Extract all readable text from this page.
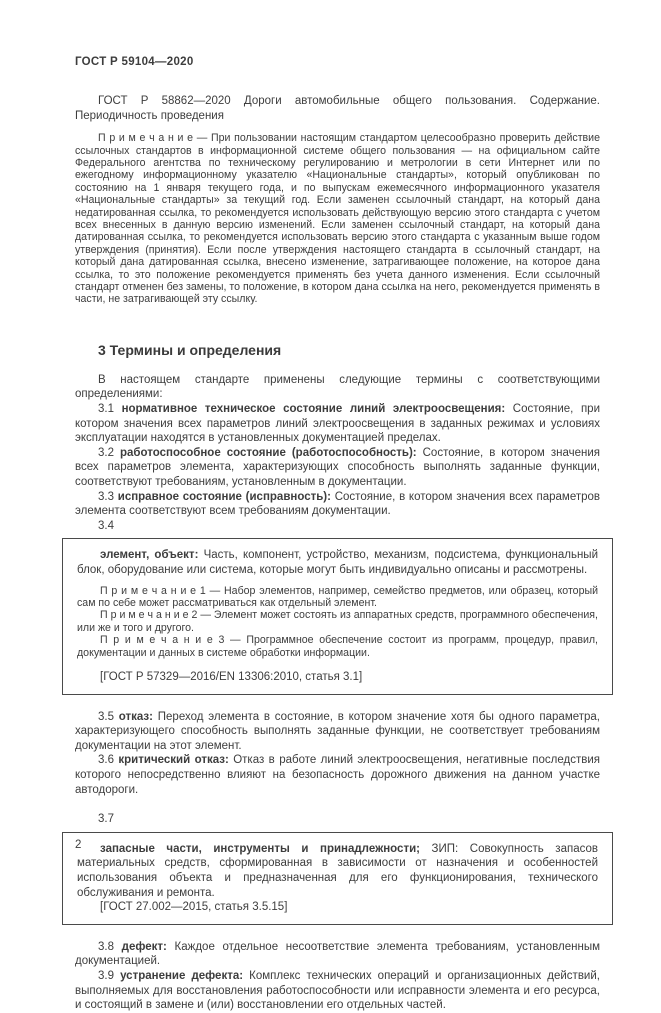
ГОСТ Р 59104—2020

ГОСТ Р 58862—2020 Дороги автомобильные общего пользования. Содержание. Периодичность проведения

П р и м е ч а н и е — При пользовании настоящим стандартом целесообразно проверить действие ссылочных стандартов в информационной системе общего пользования — на официальном сайте Федерального агентства по техническому регулированию и метрологии в сети Интернет или по ежегодному информационному указателю «Национальные стандарты», который опубликован по состоянию на 1 января текущего года, и по выпускам ежемесячного информационного указателя «Национальные стандарты» за текущий год. Если заменен ссылочный стандарт, на который дана недатированная ссылка, то рекомендуется использовать действующую версию этого стандарта с учетом всех внесенных в данную версию изменений. Если заменен ссылочный стандарт, на который дана датированная ссылка, то рекомендуется использовать версию этого стандарта с указанным выше годом утверждения (принятия). Если после утверждения настоящего стандарта в ссылочный стандарт, на который дана датированная ссылка, внесено изменение, затрагивающее положение, на которое дана ссылка, то это положение рекомендуется применять без учета данного изменения. Если ссылочный стандарт отменен без замены, то положение, в котором дана ссылка на него, рекомендуется применять в части, не затрагивающей эту ссылку.

3 Термины и определения

В настоящем стандарте применены следующие термины с соответствующими определениями:

3.1 нормативное техническое состояние линий электроосвещения: Состояние, при котором значения всех параметров линий электроосвещения в заданных режимах и условиях эксплуатации находятся в установленных документацией пределах.

3.2 работоспособное состояние (работоспособность): Состояние, в котором значения всех параметров элемента, характеризующих способность выполнять заданные функции, соответствуют требованиям, установленным в документации.

3.3 исправное состояние (исправность): Состояние, в котором значения всех параметров элемента соответствуют всем требованиям документации.

3.4

элемент, объект: Часть, компонент, устройство, механизм, подсистема, функциональный блок, оборудование или система, которые могут быть индивидуально описаны и рассмотрены.

П р и м е ч а н и е 1 — Набор элементов, например, семейство предметов, или образец, который сам по себе может рассматриваться как отдельный элемент.

П р и м е ч а н и е 2 — Элемент может состоять из аппаратных средств, программного обеспечения, или же и того и другого.

П р и м е ч а н и е 3 — Программное обеспечение состоит из программ, процедур, правил, документации и данных в системе обработки информации.

[ГОСТ Р 57329—2016/EN 13306:2010, статья 3.1]

3.5 отказ: Переход элемента в состояние, в котором значение хотя бы одного параметра, характеризующего способность выполнять заданные функции, не соответствует требованиям документации на этот элемент.

3.6 критический отказ: Отказ в работе линий электроосвещения, негативные последствия которого непосредственно влияют на безопасность дорожного движения на данном участке автодороги.

3.7

запасные части, инструменты и принадлежности; ЗИП: Совокупность запасов материальных средств, сформированная в зависимости от назначения и особенностей использования объекта и предназначенная для его функционирования, технического обслуживания и ремонта.

[ГОСТ 27.002—2015, статья 3.5.15]

3.8 дефект: Каждое отдельное несоответствие элемента требованиям, установленным документацией.

3.9 устранение дефекта: Комплекс технических операций и организационных действий, выполняемых для восстановления работоспособности или исправности элемента и его ресурса, и состоящий в замене и (или) восстановлении его отдельных частей.

2
